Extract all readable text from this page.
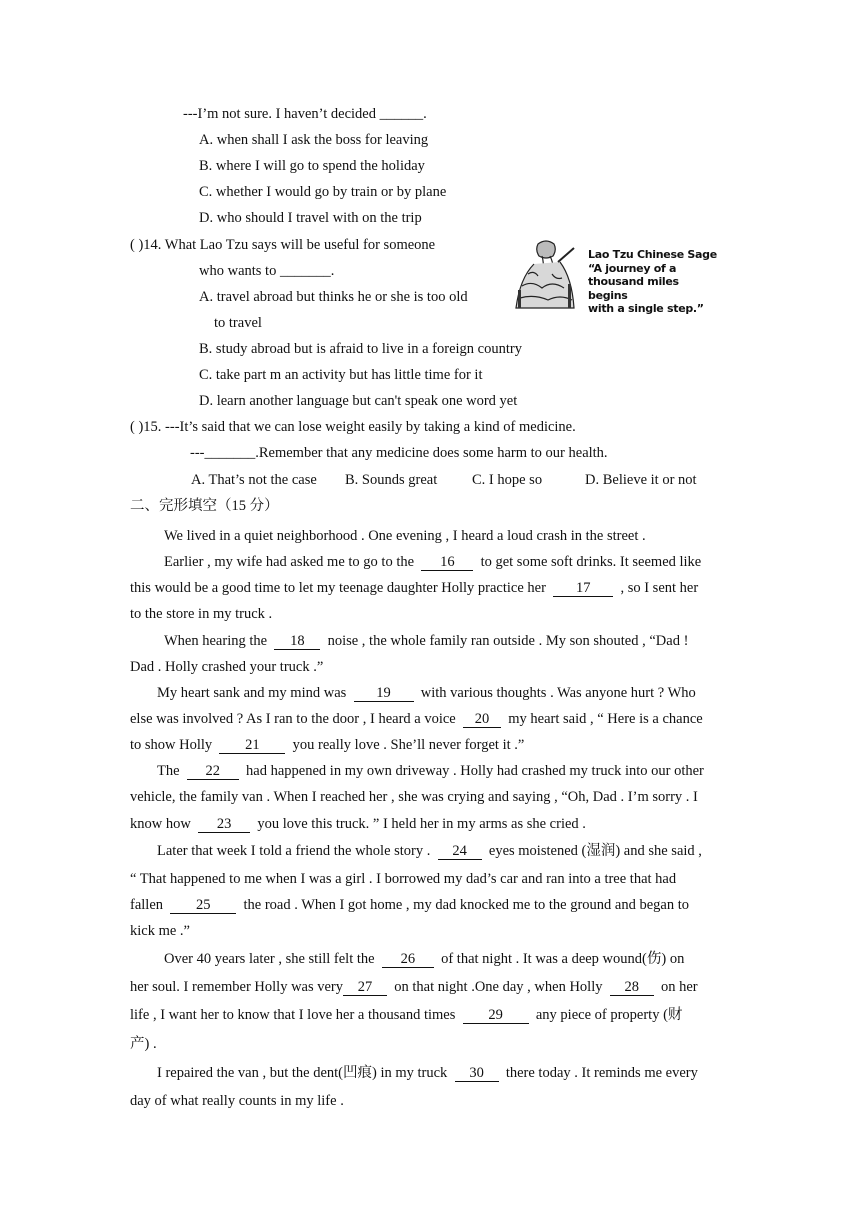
---I’m not sure. I haven’t decided ______.
A. when shall I ask the boss for leaving
B. where I will go to spend the holiday
C. whether I would go by train or by plane
D. who should I travel with on the trip
( )14. What Lao Tzu says will be useful for someone
who wants to _______.
A. travel abroad but thinks he or she is too old
to travel
B. study abroad but is afraid to live in a foreign country
C. take part m an activity but has little time for it
D. learn another language but can't speak one word yet
Lao Tzu Chinese Sage
“A journey of a
thousand miles begins
with a single step.”
( )15. ---It’s said that we can lose weight easily by taking a kind of medicine.
---_______.Remember that any medicine does some harm to our health.
A. That’s not the case B. Sounds great C. I hope so	D. Believe it or not
二、完形填空（15 分）
We lived in a quiet neighborhood . One evening , I heard a loud crash in the street .
Earlier , my wife had asked me to go to the 16 to get some soft drinks. It seemed like
this would be a good time to let my teenage daughter Holly practice her 17 , so I sent her
to the store in my truck .
When hearing the 18 noise , the whole family ran outside . My son shouted , “Dad !
Dad . Holly crashed your truck .”
My heart sank and my mind was 19 with various thoughts . Was anyone hurt ? Who
else was involved ? As I ran to the door , I heard a voice 20 my heart said , “ Here is a chance
to show Holly 21 you really love . She’ll never forget it .”
The 22 had happened in my own driveway . Holly had crashed my truck into our other
vehicle, the family van . When I reached her , she was crying and saying , “Oh, Dad . I’m sorry . I
know how 23 you love this truck. ” I held her in my arms as she cried .
Later that week I told a friend the whole story . 24 eyes moistened (湿润) and she said ,
“ That happened to me when I was a girl . I borrowed my dad’s car and ran into a tree that had
fallen 25 the road . When I got home , my dad knocked me to the ground and began to
kick me .”
Over 40 years later , she still felt the 26 of that night . It was a deep wound(伤) on
her soul. I remember Holly was very 27 on that night .One day , when Holly 28 on her
life , I want her to know that I love her a thousand times 29 any piece of property (财
产) .
I repaired the van , but the dent(凹痕) in my truck 30 there today . It reminds me every
day of what really counts in my life .
